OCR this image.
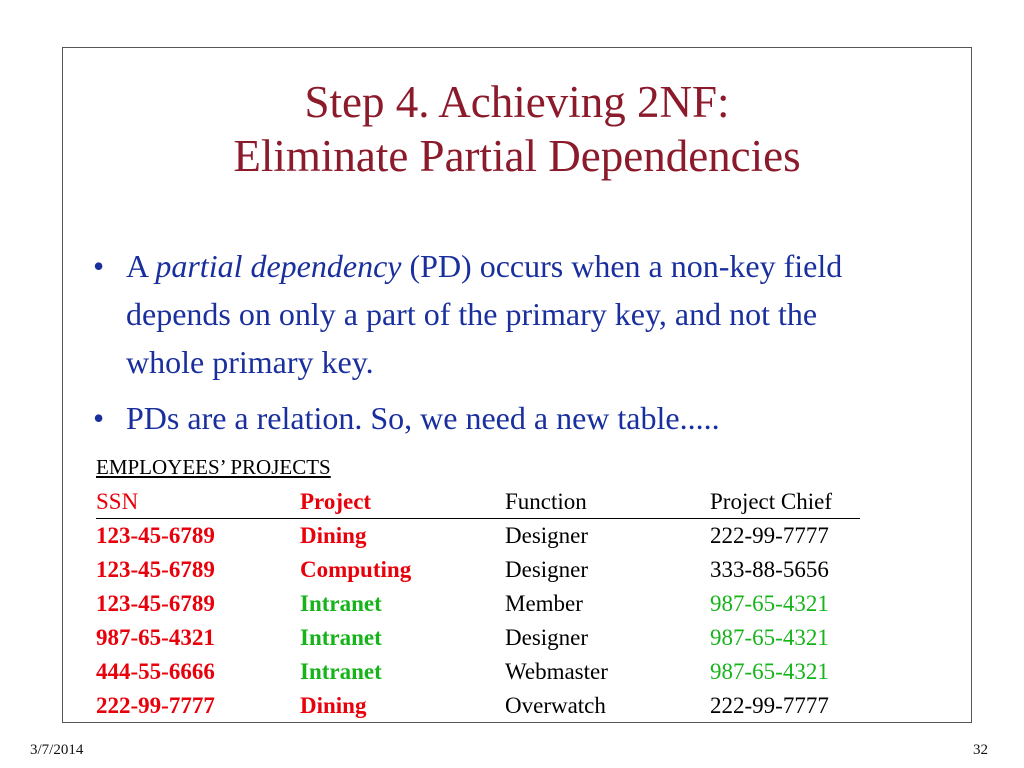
Step 4. Achieving 2NF:
Eliminate Partial Dependencies
• A partial dependency (PD) occurs when a non-key field depends on only a part of the primary key, and not the whole primary key.
• PDs are a relation. So, we need a new table.....
EMPLOYEES’ PROJECTS
SSN	Project	Function	Project Chief
123-45-6789	Dining	Designer	222-99-7777
123-45-6789	Computing	Designer	333-88-5656
123-45-6789	Intranet	Member	987-65-4321
987-65-4321	Intranet	Designer	987-65-4321
444-55-6666	Intranet	Webmaster	987-65-4321
222-99-7777	Dining	Overwatch	222-99-7777
3/7/2014	32
